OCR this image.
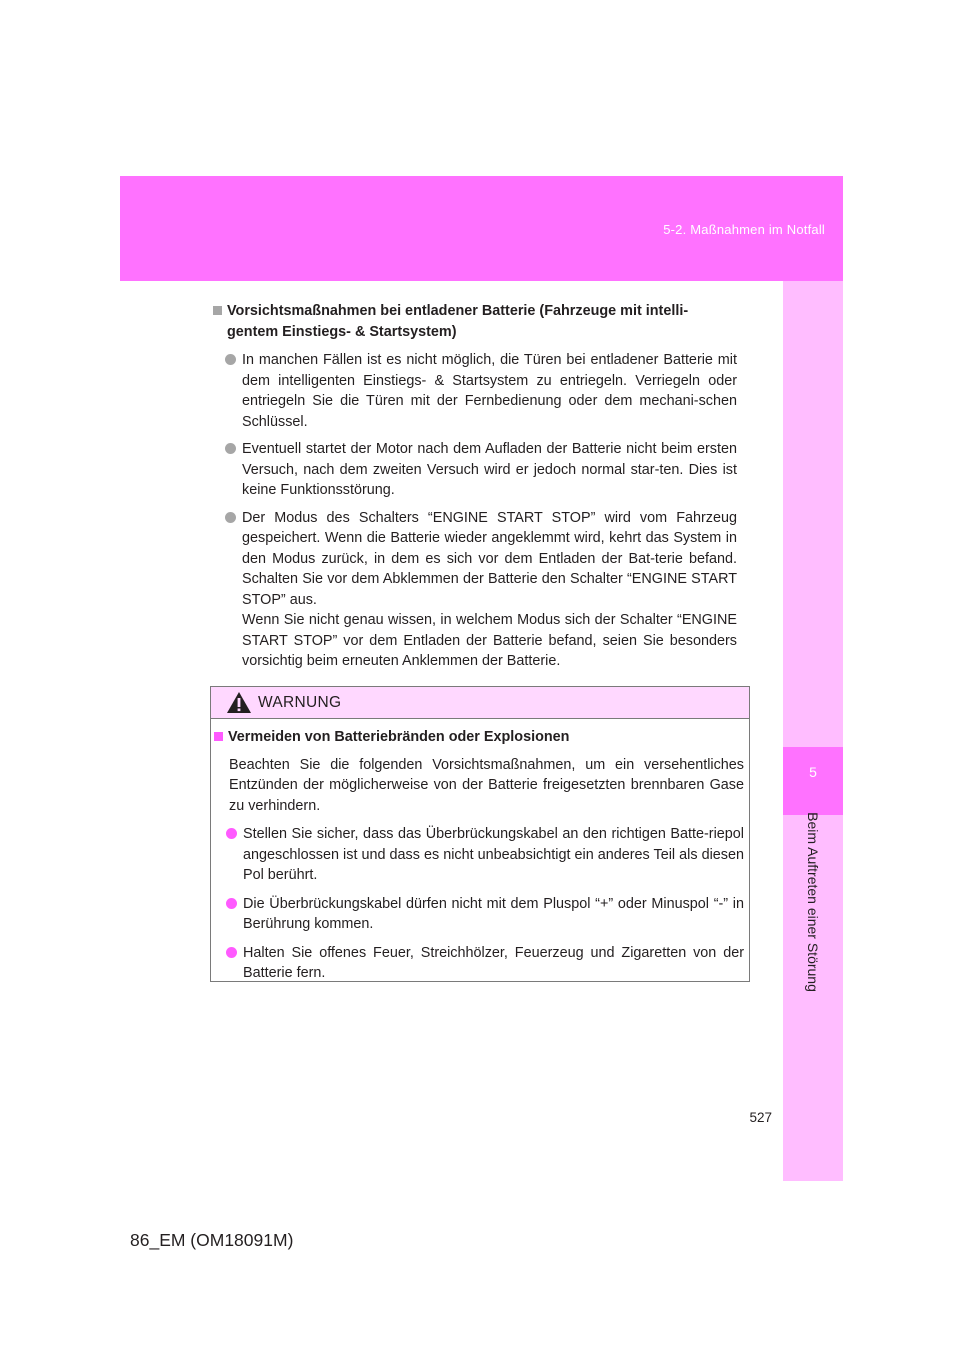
5-2. Maßnahmen im Notfall
5
Beim Auftreten einer Störung
Vorsichtsmaßnahmen bei entladener Batterie (Fahrzeuge mit intelli-gentem Einstiegs- & Startsystem)
In manchen Fällen ist es nicht möglich, die Türen bei entladener Batterie mit dem intelligenten Einstiegs- & Startsystem zu entriegeln. Verriegeln oder entriegeln Sie die Türen mit der Fernbedienung oder dem mechani-schen Schlüssel.
Eventuell startet der Motor nach dem Aufladen der Batterie nicht beim ersten Versuch, nach dem zweiten Versuch wird er jedoch normal star-ten. Dies ist keine Funktionsstörung.

Der Modus des Schalters “ENGINE START STOP” wird vom Fahrzeug gespeichert. Wenn die Batterie wieder angeklemmt wird, kehrt das System in den Modus zurück, in dem es sich vor dem Entladen der Bat-terie befand. Schalten Sie vor dem Abklemmen der Batterie den Schalter “ENGINE START STOP” aus.

Wenn Sie nicht genau wissen, in welchem Modus sich der Schalter “ENGINE START STOP” vor dem Entladen der Batterie befand, seien Sie besonders vorsichtig beim erneuten Anklemmen der Batterie.

WARNUNG
Vermeiden von Batteriebränden oder Explosionen
Beachten Sie die folgenden Vorsichtsmaßnahmen, um ein versehentliches Entzünden der möglicherweise von der Batterie freigesetzten brennbaren Gase zu verhindern.
Stellen Sie sicher, dass das Überbrückungskabel an den richtigen Batte-riepol angeschlossen ist und dass es nicht unbeabsichtigt ein anderes Teil als diesen Pol berührt.
Die Überbrückungskabel dürfen nicht mit dem Pluspol “+” oder Minuspol “-” in Berührung kommen.
Halten Sie offenes Feuer, Streichhölzer, Feuerzeug und Zigaretten von der Batterie fern.
527
86_EM (OM18091M)
